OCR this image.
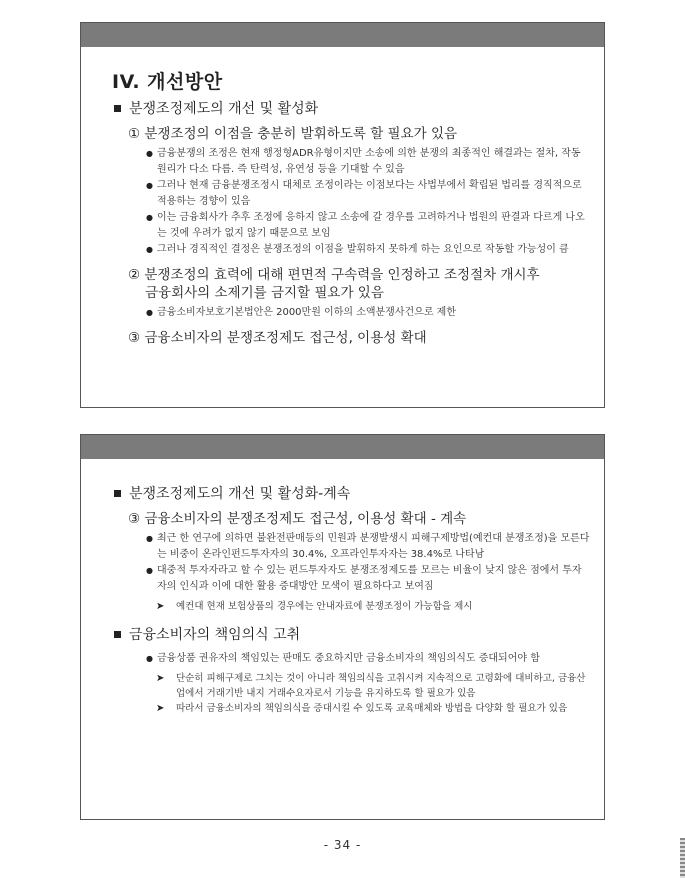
IV. 개선방안
분쟁조정제도의 개선 및 활성화
① 분쟁조정의 이점을 충분히 발휘하도록 할 필요가 있음
● 금융분쟁의 조정은 현재 행정형ADR유형이지만 소송에 의한 분쟁의 최종적인 해결과는 절차, 작동원리가 다소 다름. 즉 탄력성, 유연성 등을 기대할 수 있음
● 그러나 현재 금융분쟁조정시 대체로 조정이라는 이점보다는 사법부에서 확립된 법리를 경직적으로 적용하는 경향이 있음
● 이는 금융회사가 추후 조정에 응하지 않고 소송에 갈 경우를 고려하거나 법원의 판결과 다르게 나오는 것에 우려가 없지 않기 때문으로 보임
● 그러나 경직적인 결정은 분쟁조정의 이점을 발휘하지 못하게 하는 요인으로 작동할 가능성이 큼
② 분쟁조정의 효력에 대해 편면적 구속력을 인정하고 조정절차 개시후
금융회사의 소제기를 금지할 필요가 있음
● 금융소비자보호기본법안은 2000만원 이하의 소액분쟁사건으로 제한
③ 금융소비자의 분쟁조정제도 접근성, 이용성 확대
분쟁조정제도의 개선 및 활성화-계속
③ 금융소비자의 분쟁조정제도 접근성, 이용성 확대 - 계속
● 최근 한 연구에 의하면 불완전판매등의 민원과 분쟁발생시 피해구제방법(예컨대 분쟁조정)을 모른다는 비중이 온라인펀드투자자의 30.4%, 오프라인투자자는 38.4%로 나타남
● 대중적 투자자라고 할 수 있는 펀드투자자도 분쟁조정제도를 모르는 비율이 낮지 않은 점에서 투자자의 인식과 이에 대한 활용 증대방안 모색이 필요하다고 보여짐
➤ 예컨대 현재 보험상품의 경우에는 안내자료에 분쟁조정이 가능함을 제시
금융소비자의 책임의식 고취
● 금융상품 권유자의 책임있는 판매도 중요하지만 금융소비자의 책임의식도 증대되어야 함
➤ 단순히 피해구제로 그치는 것이 아니라 책임의식을 고취시켜 지속적으로 고령화에 대비하고, 금융산업에서 거래기반 내지 거래수요자로서 기능을 유지하도록 할 필요가 있음
➤ 따라서 금융소비자의 책임의식을 증대시킬 수 있도록 교육매체와 방법을 다양화 할 필요가 있음
- 34 -
